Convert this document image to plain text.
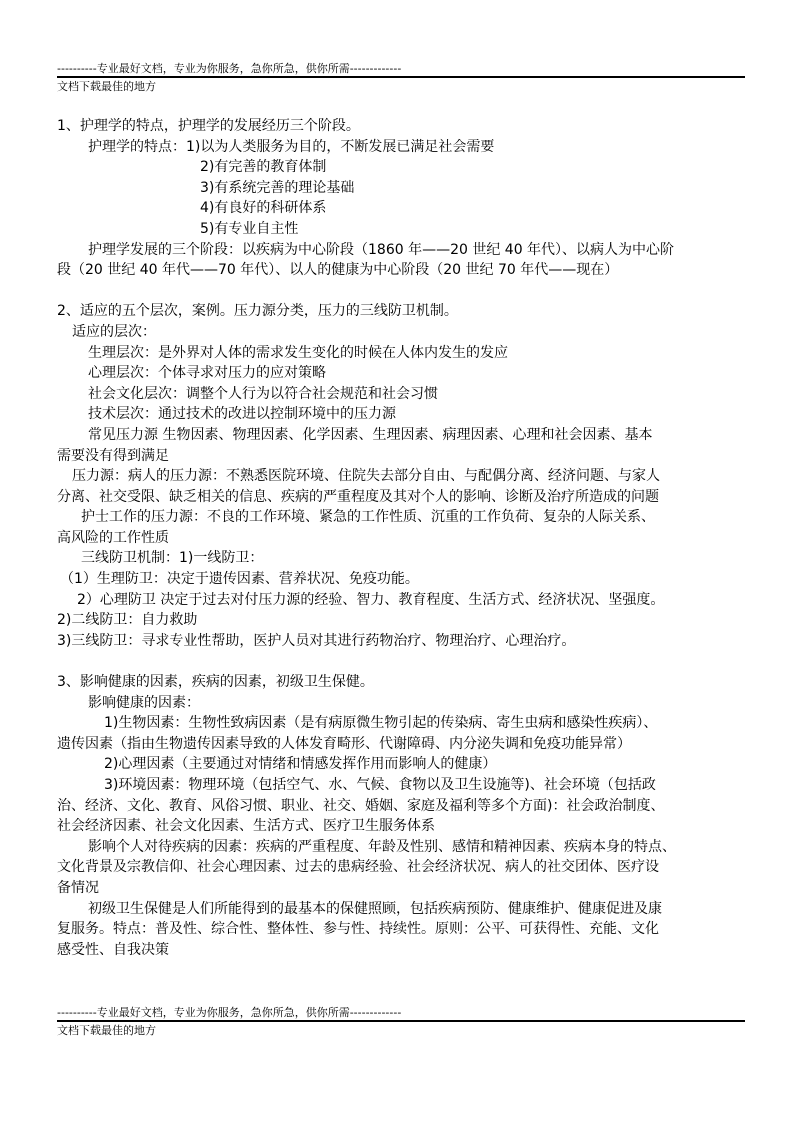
----------专业最好文档，专业为你服务，急你所急，供你所需-------------
文档下载最佳的地方
1、护理学的特点，护理学的发展经历三个阶段。
护理学的特点：1)以为人类服务为目的，不断发展已满足社会需要
2)有完善的教育体制
3)有系统完善的理论基础
4)有良好的科研体系
5)有专业自主性
护理学发展的三个阶段：以疾病为中心阶段（1860 年——20 世纪 40 年代）、以病人为中心阶
段（20 世纪 40 年代——70 年代）、以人的健康为中心阶段（20 世纪 70 年代——现在）
2、适应的五个层次，案例。压力源分类，压力的三线防卫机制。
适应的层次：
生理层次：是外界对人体的需求发生变化的时候在人体内发生的发应
心理层次：个体寻求对压力的应对策略
社会文化层次：调整个人行为以符合社会规范和社会习惯
技术层次：通过技术的改进以控制环境中的压力源
常见压力源 生物因素、物理因素、化学因素、生理因素、病理因素、心理和社会因素、基本
需要没有得到满足
压力源：病人的压力源：不熟悉医院环境、住院失去部分自由、与配偶分离、经济问题、与家人
分离、社交受限、缺乏相关的信息、疾病的严重程度及其对个人的影响、诊断及治疗所造成的问题
护士工作的压力源：不良的工作环境、紧急的工作性质、沉重的工作负荷、复杂的人际关系、
高风险的工作性质
三线防卫机制：1)一线防卫：
（1）生理防卫：决定于遗传因素、营养状况、免疫功能。
2）心理防卫 决定于过去对付压力源的经验、智力、教育程度、生活方式、经济状况、坚强度。
2)二线防卫：自力救助
3)三线防卫：寻求专业性帮助，医护人员对其进行药物治疗、物理治疗、心理治疗。
3、影响健康的因素，疾病的因素，初级卫生保健。
影响健康的因素：
1)生物因素：生物性致病因素（是有病原微生物引起的传染病、寄生虫病和感染性疾病）、
遗传因素（指由生物遗传因素导致的人体发育畸形、代谢障碍、内分泌失调和免疫功能异常）
2)心理因素（主要通过对情绪和情感发挥作用而影响人的健康）
3)环境因素：物理环境（包括空气、水、气候、食物以及卫生设施等)、社会环境（包括政
治、经济、文化、教育、风俗习惯、职业、社交、婚姻、家庭及福利等多个方面)：社会政治制度、
社会经济因素、社会文化因素、生活方式、医疗卫生服务体系
影响个人对待疾病的因素：疾病的严重程度、年龄及性别、感情和精神因素、疾病本身的特点、
文化背景及宗教信仰、社会心理因素、过去的患病经验、社会经济状况、病人的社交团体、医疗设
备情况
初级卫生保健是人们所能得到的最基本的保健照顾，包括疾病预防、健康维护、健康促进及康
复服务。特点：普及性、综合性、整体性、参与性、持续性。原则：公平、可获得性、充能、文化
感受性、自我决策
----------专业最好文档，专业为你服务，急你所急，供你所需-------------
文档下载最佳的地方
